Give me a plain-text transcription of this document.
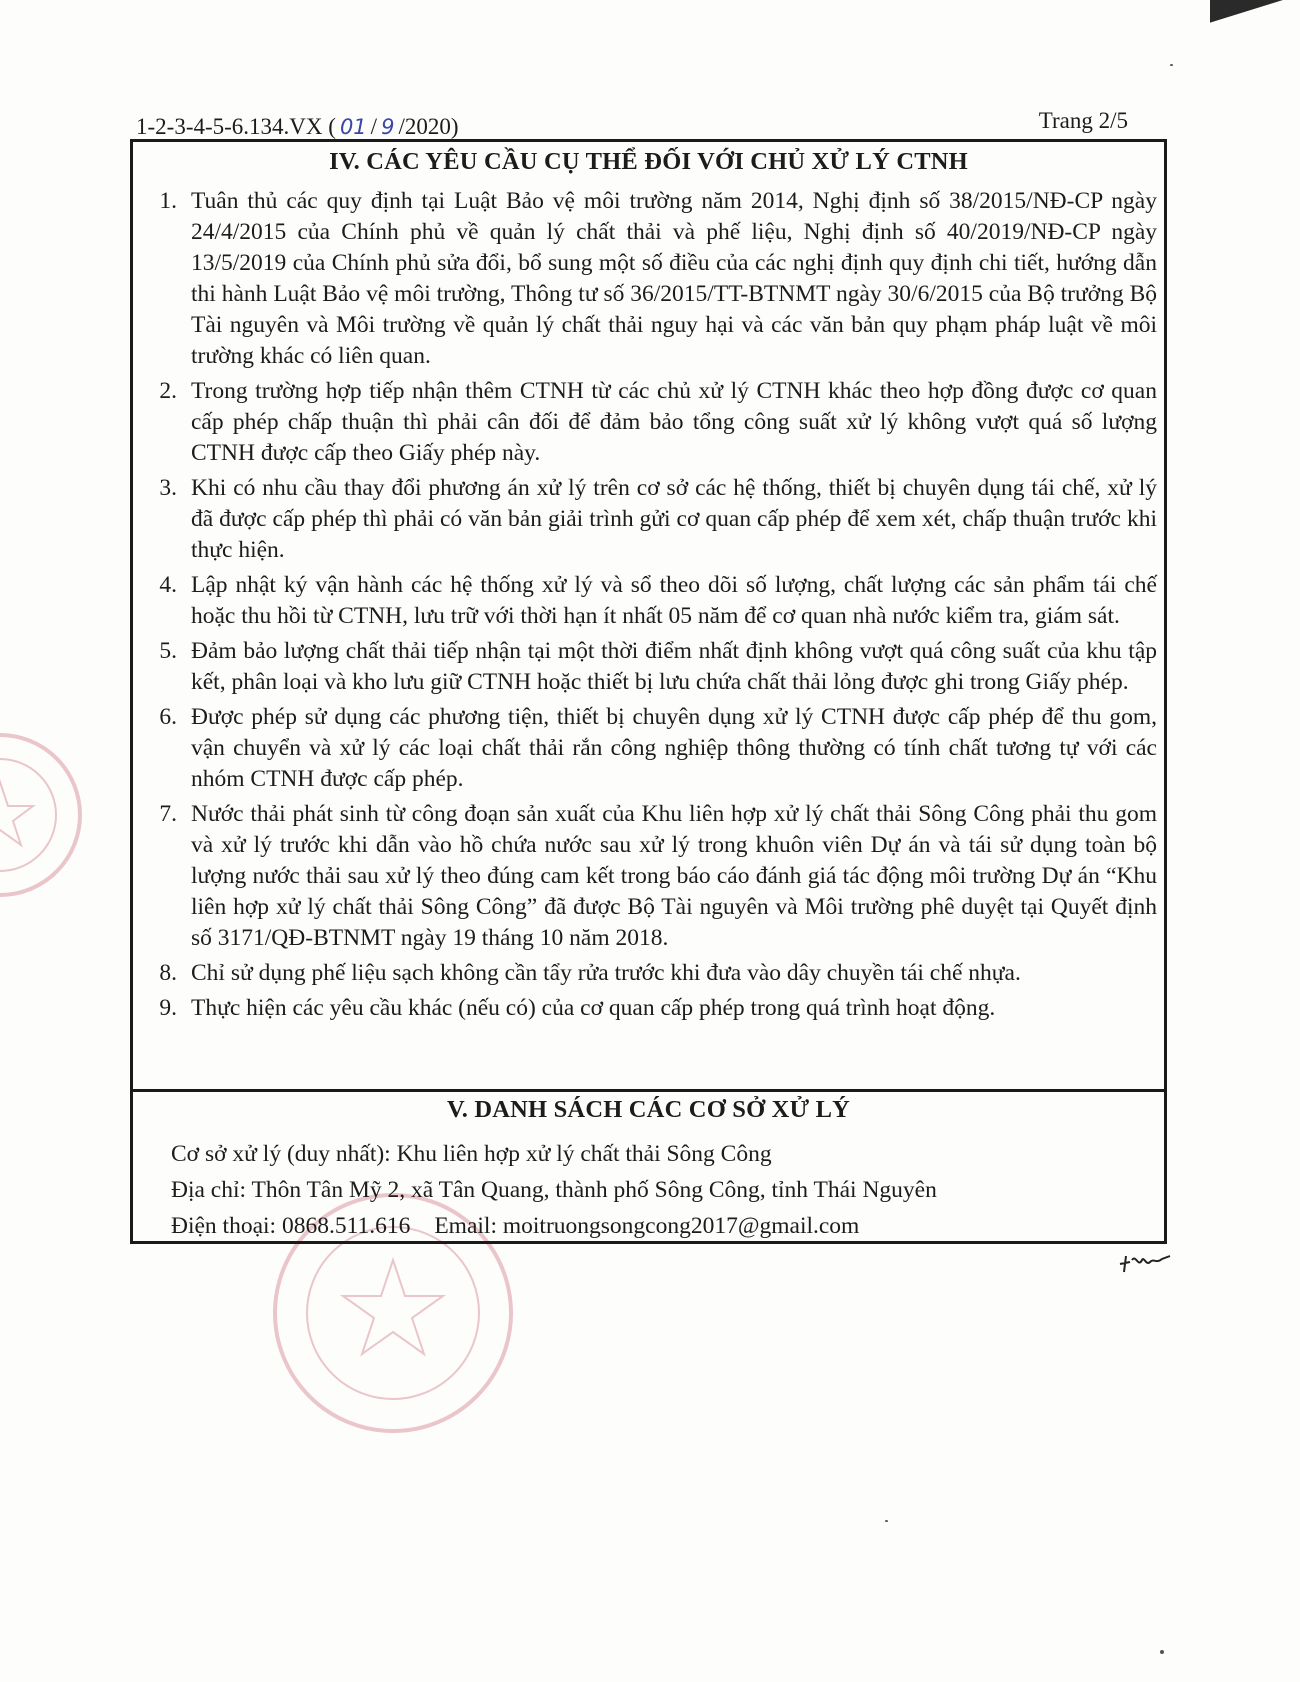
1-2-3-4-5-6.134.VX ( 01 / 9 /2020)	Trang 2/5
IV. CÁC YÊU CẦU CỤ THỂ ĐỐI VỚI CHỦ XỬ LÝ CTNH
1. Tuân thủ các quy định tại Luật Bảo vệ môi trường năm 2014, Nghị định số 38/2015/NĐ-CP ngày 24/4/2015 của Chính phủ về quản lý chất thải và phế liệu, Nghị định số 40/2019/NĐ-CP ngày 13/5/2019 của Chính phủ sửa đổi, bổ sung một số điều của các nghị định quy định chi tiết, hướng dẫn thi hành Luật Bảo vệ môi trường, Thông tư số 36/2015/TT-BTNMT ngày 30/6/2015 của Bộ trưởng Bộ Tài nguyên và Môi trường về quản lý chất thải nguy hại và các văn bản quy phạm pháp luật về môi trường khác có liên quan.
2. Trong trường hợp tiếp nhận thêm CTNH từ các chủ xử lý CTNH khác theo hợp đồng được cơ quan cấp phép chấp thuận thì phải cân đối để đảm bảo tổng công suất xử lý không vượt quá số lượng CTNH được cấp theo Giấy phép này.
3. Khi có nhu cầu thay đổi phương án xử lý trên cơ sở các hệ thống, thiết bị chuyên dụng tái chế, xử lý đã được cấp phép thì phải có văn bản giải trình gửi cơ quan cấp phép để xem xét, chấp thuận trước khi thực hiện.
4. Lập nhật ký vận hành các hệ thống xử lý và sổ theo dõi số lượng, chất lượng các sản phẩm tái chế hoặc thu hồi từ CTNH, lưu trữ với thời hạn ít nhất 05 năm để cơ quan nhà nước kiểm tra, giám sát.
5. Đảm bảo lượng chất thải tiếp nhận tại một thời điểm nhất định không vượt quá công suất của khu tập kết, phân loại và kho lưu giữ CTNH hoặc thiết bị lưu chứa chất thải lỏng được ghi trong Giấy phép.
6. Được phép sử dụng các phương tiện, thiết bị chuyên dụng xử lý CTNH được cấp phép để thu gom, vận chuyển và xử lý các loại chất thải rắn công nghiệp thông thường có tính chất tương tự với các nhóm CTNH được cấp phép.
7. Nước thải phát sinh từ công đoạn sản xuất của Khu liên hợp xử lý chất thải Sông Công phải thu gom và xử lý trước khi dẫn vào hồ chứa nước sau xử lý trong khuôn viên Dự án và tái sử dụng toàn bộ lượng nước thải sau xử lý theo đúng cam kết trong báo cáo đánh giá tác động môi trường Dự án “Khu liên hợp xử lý chất thải Sông Công” đã được Bộ Tài nguyên và Môi trường phê duyệt tại Quyết định số 3171/QĐ-BTNMT ngày 19 tháng 10 năm 2018.
8. Chỉ sử dụng phế liệu sạch không cần tẩy rửa trước khi đưa vào dây chuyền tái chế nhựa.
9. Thực hiện các yêu cầu khác (nếu có) của cơ quan cấp phép trong quá trình hoạt động.
V. DANH SÁCH CÁC CƠ SỞ XỬ LÝ
Cơ sở xử lý (duy nhất): Khu liên hợp xử lý chất thải Sông Công
Địa chỉ: Thôn Tân Mỹ 2, xã Tân Quang, thành phố Sông Công, tỉnh Thái Nguyên
Điện thoại: 0868.511.616 Email: moitruongsongcong2017@gmail.com
